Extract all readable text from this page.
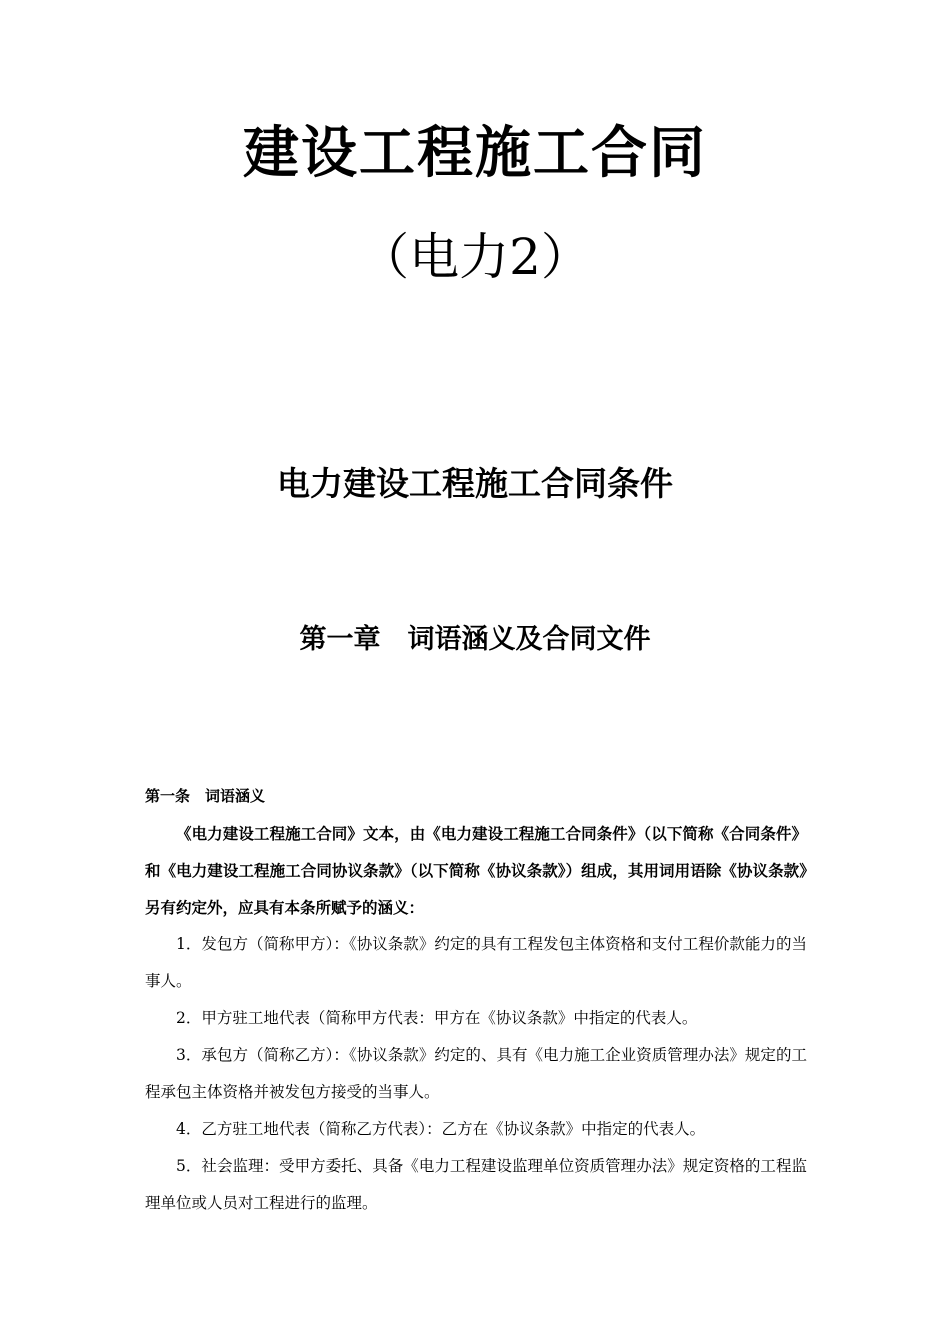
建设工程施工合同
（电力2）
电力建设工程施工合同条件
第一章　词语涵义及合同文件
第一条　词语涵义

《电力建设工程施工合同》文本，由《电力建设工程施工合同条件》（以下简称《合同条件》和《电力建设工程施工合同协议条款》（以下简称《协议条款》）组成，其用词用语除《协议条款》另有约定外，应具有本条所赋予的涵义：

1．发包方（简称甲方）：《协议条款》约定的具有工程发包主体资格和支付工程价款能力的当事人。

2．甲方驻工地代表（简称甲方代表：甲方在《协议条款》中指定的代表人。

3．承包方（简称乙方）：《协议条款》约定的、具有《电力施工企业资质管理办法》规定的工程承包主体资格并被发包方接受的当事人。

4．乙方驻工地代表（简称乙方代表）：乙方在《协议条款》中指定的代表人。

5．社会监理：受甲方委托、具备《电力工程建设监理单位资质管理办法》规定资格的工程监理单位或人员对工程进行的监理。
